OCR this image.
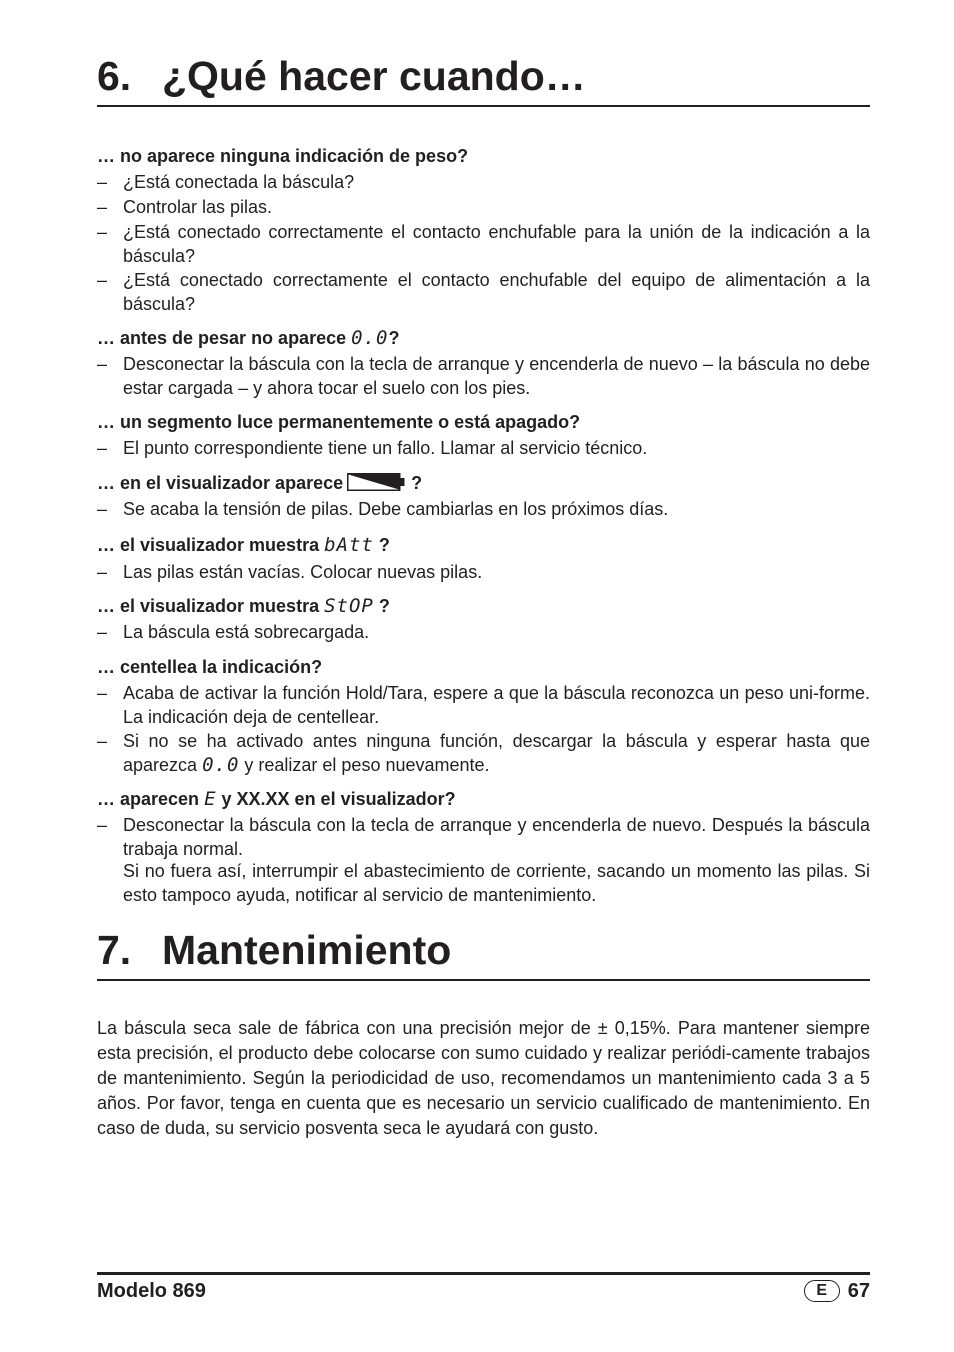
6. ¿Qué hacer cuando…
… no aparece ninguna indicación de peso?
– ¿Está conectada la báscula?
– Controlar las pilas.
– ¿Está conectado correctamente el contacto enchufable para la unión de la indicación a la báscula?
– ¿Está conectado correctamente el contacto enchufable del equipo de alimentación a la báscula?
… antes de pesar no aparece 0.0?
– Desconectar la báscula con la tecla de arranque y encenderla de nuevo – la báscula no debe estar cargada – y ahora tocar el suelo con los pies.
… un segmento luce permanentemente o está apagado?
– El punto correspondiente tiene un fallo. Llamar al servicio técnico.
… en el visualizador aparece	?
– Se acaba la tensión de pilas. Debe cambiarlas en los próximos días.
… el visualizador muestra bAtt ?
– Las pilas están vacías. Colocar nuevas pilas.
… el visualizador muestra StOP ?
– La báscula está sobrecargada.
… centellea la indicación?
– Acaba de activar la función Hold/Tara, espere a que la báscula reconozca un peso uni-forme. La indicación deja de centellear.
– Si no se ha activado antes ninguna función, descargar la báscula y esperar hasta que aparezca 0.0 y realizar el peso nuevamente.
… aparecen E y XX.XX en el visualizador?
– Desconectar la báscula con la tecla de arranque y encenderla de nuevo. Después la báscula trabaja normal.
Si no fuera así, interrumpir el abastecimiento de corriente, sacando un momento las pilas. Si esto tampoco ayuda, notificar al servicio de mantenimiento.
7. Mantenimiento
La báscula seca sale de fábrica con una precisión mejor de ± 0,15%. Para mantener siempre esta precisión, el producto debe colocarse con sumo cuidado y realizar periódi-camente trabajos de mantenimiento. Según la periodicidad de uso, recomendamos un mantenimiento cada 3 a 5 años. Por favor, tenga en cuenta que es necesario un servicio cualificado de mantenimiento. En caso de duda, su servicio posventa seca le ayudará con gusto.
Modelo 869	E	67
